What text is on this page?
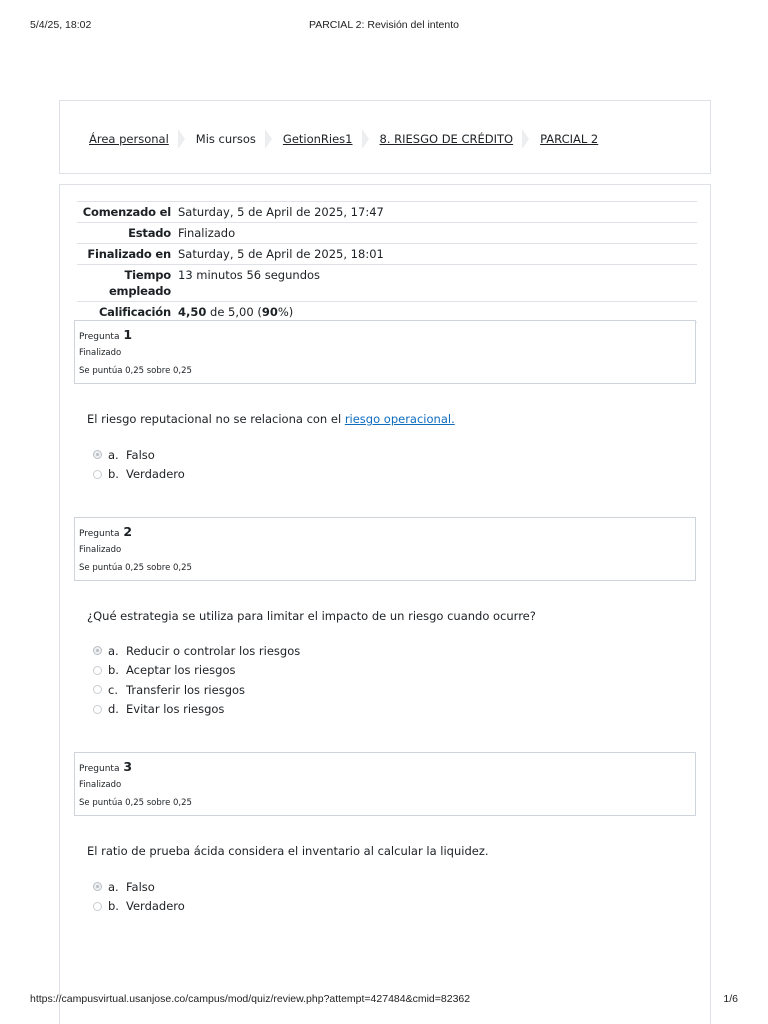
5/4/25, 18:02	PARCIAL 2: Revisión del intento
Área personal Mis cursos GetionRies1 8. RIESGO DE CRÉDITO PARCIAL 2
Comenzado el	Saturday, 5 de April de 2025, 17:47
Estado	Finalizado
Finalizado en	Saturday, 5 de April de 2025, 18:01
Tiempo
empleado	13 minutos 56 segundos
Calificación	4,50 de 5,00 (90%)
Pregunta 1
Finalizado
Se puntúa 0,25 sobre 0,25
El riesgo reputacional no se relaciona con el riesgo operacional.
a. Falso
b. Verdadero
Pregunta 2
Finalizado
Se puntúa 0,25 sobre 0,25
¿Qué estrategia se utiliza para limitar el impacto de un riesgo cuando ocurre?
a. Reducir o controlar los riesgos
b. Aceptar los riesgos
c. Transferir los riesgos
d. Evitar los riesgos
Pregunta 3
Finalizado
Se puntúa 0,25 sobre 0,25
El ratio de prueba ácida considera el inventario al calcular la liquidez.
a. Falso
b. Verdadero
https://campusvirtual.usanjose.co/campus/mod/quiz/review.php?attempt=427484&cmid=82362	1/6
